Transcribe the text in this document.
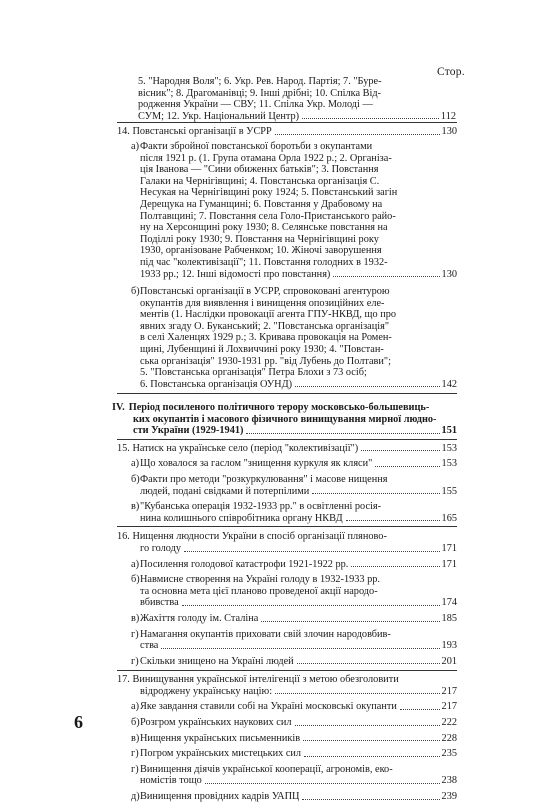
Стор.
5. "Народня Воля"; 6. Укр. Рев. Народ. Партія; 7. "Буре-
вісник"; 8. Драгоманівці; 9. Інші дрібні; 10. Спілка Від-
родження України — СВУ; 11. Спілка Укр. Молоді —
СУМ; 12. Укр. Національний Центр)	112
14. Повстанські організації в УСРР	130
а) Факти збройної повстанської боротьби з окупантами
після 1921 р. (1. Група отамана Орла 1922 р.; 2. Організа-
ція Іванова — "Сини обиженнх батьків"; 3. Повстання
Галаки на Чернігівщині; 4. Повстанська організація С.
Несукая на Чернігівщині року 1924; 5. Повстанський загін
Дерещука на Гуманщині; 6. Повстання у Драбовому на
Полтавщині; 7. Повстання села Голо-Пристанського райо-
ну на Херсонщині року 1930; 8. Селянське повстання на
Поділлі року 1930; 9. Повстання на Чернігівщині року
1930, організоване Рабченком; 10. Жіночі заворушення
під час "колективізації"; 11. Повстання голодних в 1932-
1933 рр.; 12. Інші відомості про повстання)	130
б) Повстанські організації в УСРР, спровоковані агентурою
окупантів для виявлення і винищення опозиційних еле-
ментів (1. Наслідки провокації агента ГПУ-НКВД, що про
явних згаду О. Буканський; 2. "Повстанська організація"
в селі Халенцях 1929 р.; 3. Кривава провокація на Ромен-
щині, Лубенщині й Лохвиччині року 1930; 4. "Повстан-
ська організація" 1930-1931 рр. "від Лубень до Полтави";
5. "Повстанська організація" Петра Блохи з 73 осіб;
6. Повстанська організація ОУНД)	142
IV. Період посиленого політичного терору московсько-большевиць-
ких окупантів і масового фізичного винищування мирної людно-
сти України (1929-1941)	151
15. Натиск на українське село (період "колективізації")	153
а) Що ховалося за гаслом "знищення куркуля як кляси"	153
б) Факти про методи "розкуркулювання" і масове нищення
людей, подані свідками й потерпілими	155
в) "Кубанська операція 1932-1933 рр." в освітленні росія-
нина колишнього співробітника органу НКВД	165
16. Нищення людности України в спосіб організації пляново-
го голоду	171
а) Посилення голодової катастрофи 1921-1922 рр.	171
б) Навмисне створення на Україні голоду в 1932-1933 рр.
та основна мета цієї планово проведеної акції народо-
вбивства	174
в) Жахіття голоду ім. Сталіна	185
г) Намагання окупантів приховати свій злочин народовбив-
ства	193
г) Скільки знищено на Україні людей	201
17. Винищування української інтелігенції з метою обезголовити
відроджену українську націю:	217
а) Яке завдання ставили собі на Україні московські окупанти	217
б) Розгром українських наукових сил	222
в) Нищення українських письменників	228
г) Погром українських мистецьких сил	235
г) Винищення діячів української кооперації, агрономів, еко-
номістів тощо	238
д) Винищення провідних кадрів УАПЦ	239
6
